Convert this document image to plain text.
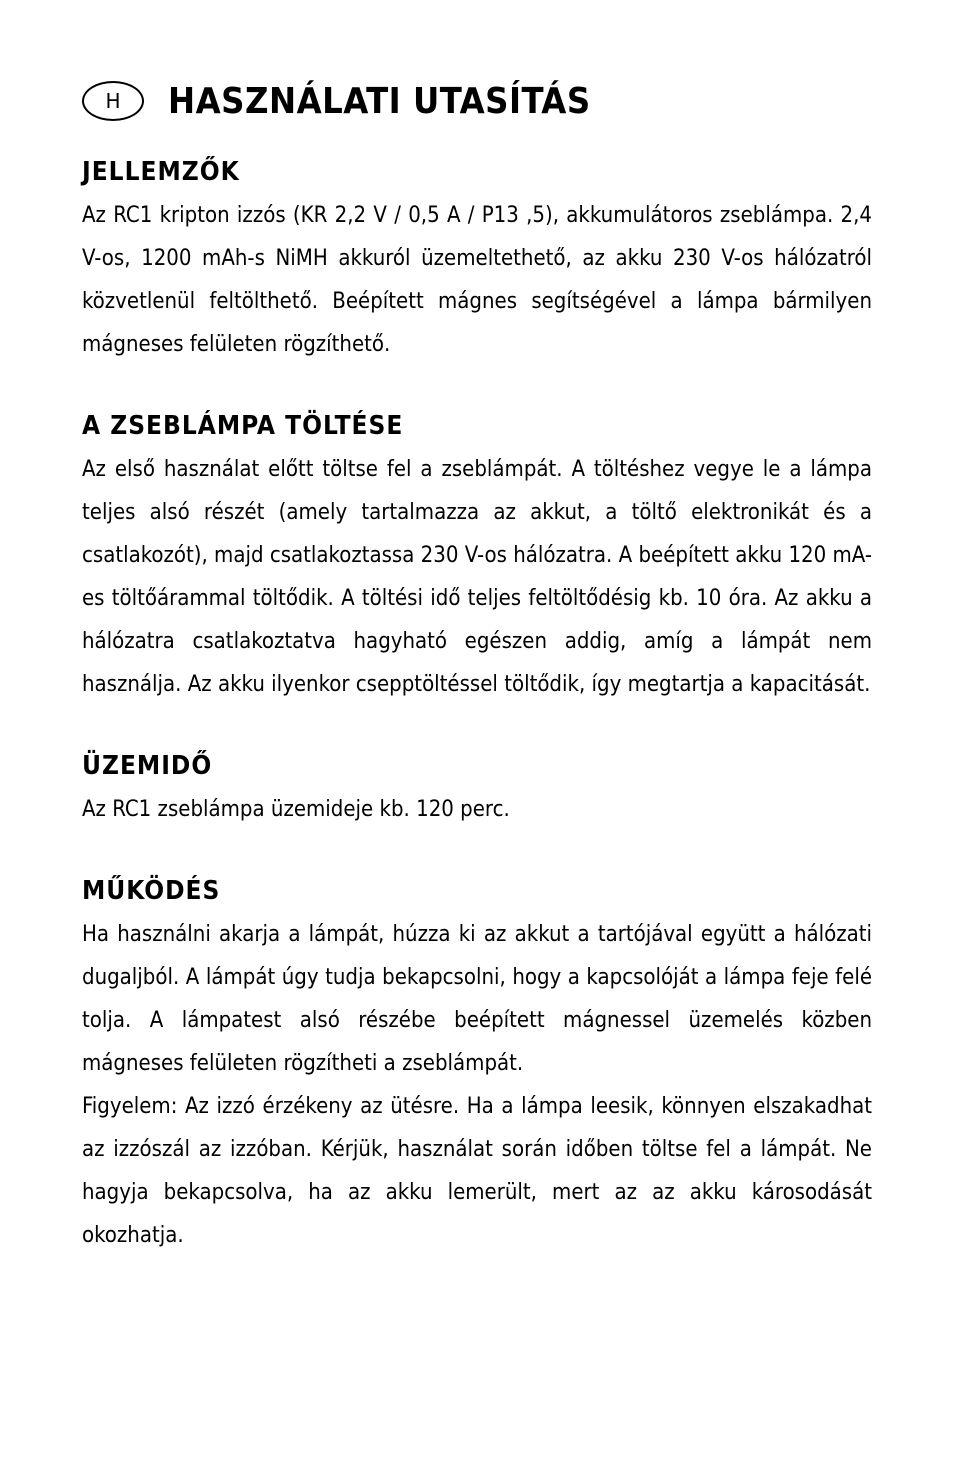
H	HASZNÁLATI UTASÍTÁS
JELLEMZŐK

Az RC1 kripton izzós (KR 2,2 V / 0,5 A / P13 ,5), akkumulátoros zseblámpa. 2,4 V-os, 1200 mAh-s NiMH akkuról üzemeltethető, az akku 230 V-os hálózatról közvetlenül feltölthető. Beépített mágnes segítségével a lámpa bármilyen mágneses felületen rögzíthető.

A ZSEBLÁMPA TÖLTÉSE

Az első használat előtt töltse fel a zseblámpát. A töltéshez vegye le a lámpa teljes alsó részét (amely tartalmazza az akkut, a töltő elektronikát és a csatlakozót), majd csatlakoztassa 230 V-os hálózatra. A beépített akku 120 mA-es töltőárammal töltődik. A töltési idő teljes feltöltődésig kb. 10 óra. Az akku a hálózatra csatlakoztatva hagyható egészen addig, amíg a lámpát nem használja. Az akku ilyenkor csepptöltéssel töltődik, így megtartja a kapacitását.

ÜZEMIDŐ

Az RC1 zseblámpa üzemideje kb. 120 perc.

MŰKÖDÉS

Ha használni akarja a lámpát, húzza ki az akkut a tartójával együtt a hálózati dugaljból. A lámpát úgy tudja bekapcsolni, hogy a kapcsolóját a lámpa feje felé tolja. A lámpatest alsó részébe beépített mágnessel üzemelés közben mágneses felületen rögzítheti a zseblámpát.

Figyelem: Az izzó érzékeny az ütésre. Ha a lámpa leesik, könnyen elszakadhat az izzószál az izzóban. Kérjük, használat során időben töltse fel a lámpát. Ne hagyja bekapcsolva, ha az akku lemerült, mert az az akku károsodását okozhatja.
